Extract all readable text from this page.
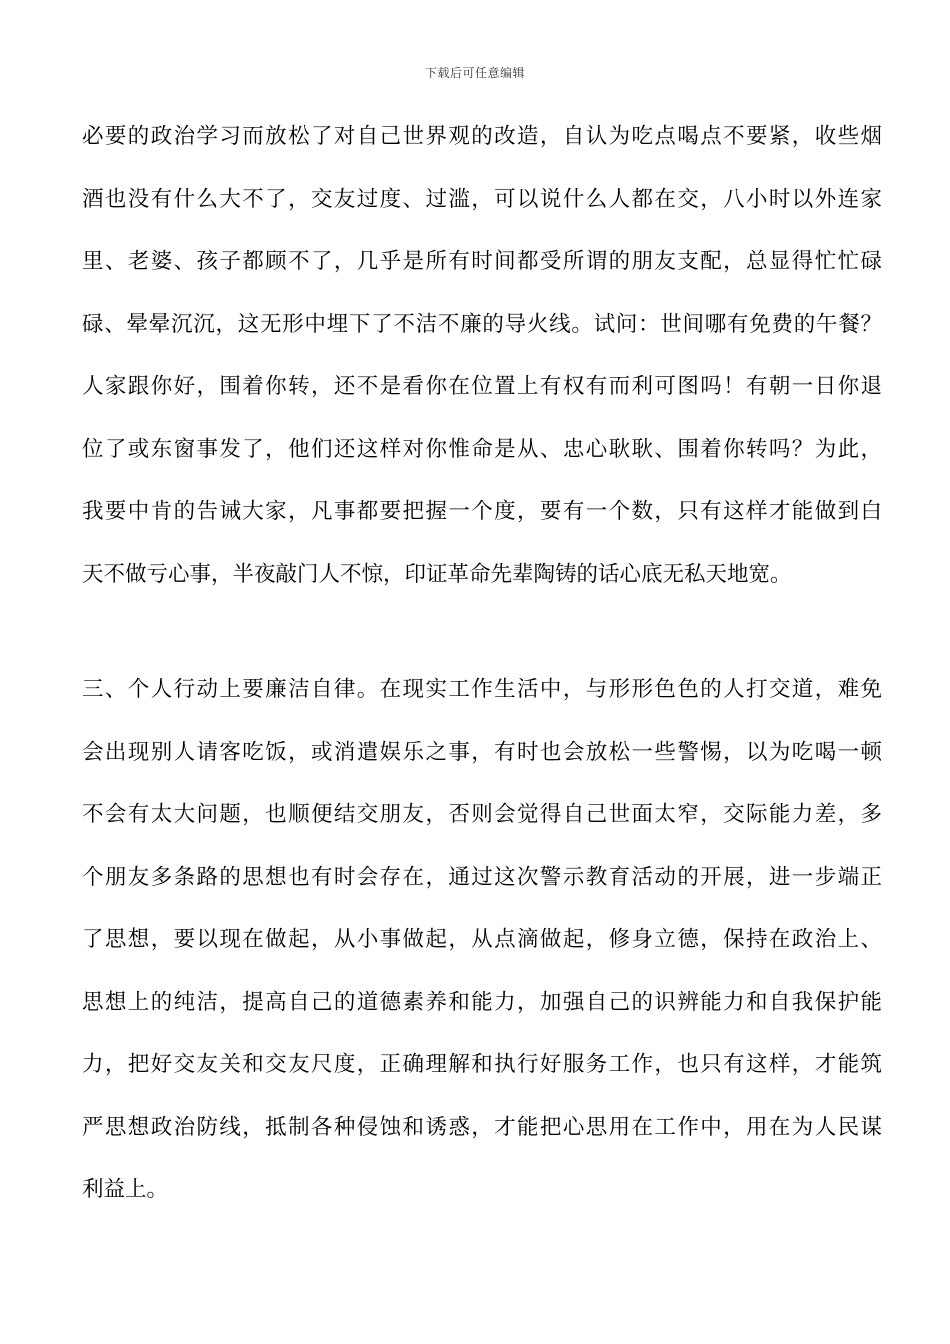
下载后可任意编辑
必要的政治学习而放松了对自己世界观的改造，自认为吃点喝点不要紧，收些烟
酒也没有什么大不了，交友过度、过滥，可以说什么人都在交，八小时以外连家
里、老婆、孩子都顾不了，几乎是所有时间都受所谓的朋友支配，总显得忙忙碌
碌、晕晕沉沉，这无形中埋下了不洁不廉的导火线。试问：世间哪有免费的午餐？
人家跟你好，围着你转，还不是看你在位置上有权有而利可图吗！有朝一日你退
位了或东窗事发了，他们还这样对你惟命是从、忠心耿耿、围着你转吗？为此，
我要中肯的告诫大家，凡事都要把握一个度，要有一个数，只有这样才能做到白
天不做亏心事，半夜敲门人不惊，印证革命先辈陶铸的话心底无私天地宽。
三、个人行动上要廉洁自律。在现实工作生活中，与形形色色的人打交道，难免
会出现别人请客吃饭，或消遣娱乐之事，有时也会放松一些警惕，以为吃喝一顿
不会有太大问题，也顺便结交朋友，否则会觉得自己世面太窄，交际能力差，多
个朋友多条路的思想也有时会存在，通过这次警示教育活动的开展，进一步端正
了思想，要以现在做起，从小事做起，从点滴做起，修身立德，保持在政治上、
思想上的纯洁，提高自己的道德素养和能力，加强自己的识辨能力和自我保护能
力，把好交友关和交友尺度，正确理解和执行好服务工作，也只有这样，才能筑
严思想政治防线，抵制各种侵蚀和诱惑，才能把心思用在工作中，用在为人民谋
利益上。
